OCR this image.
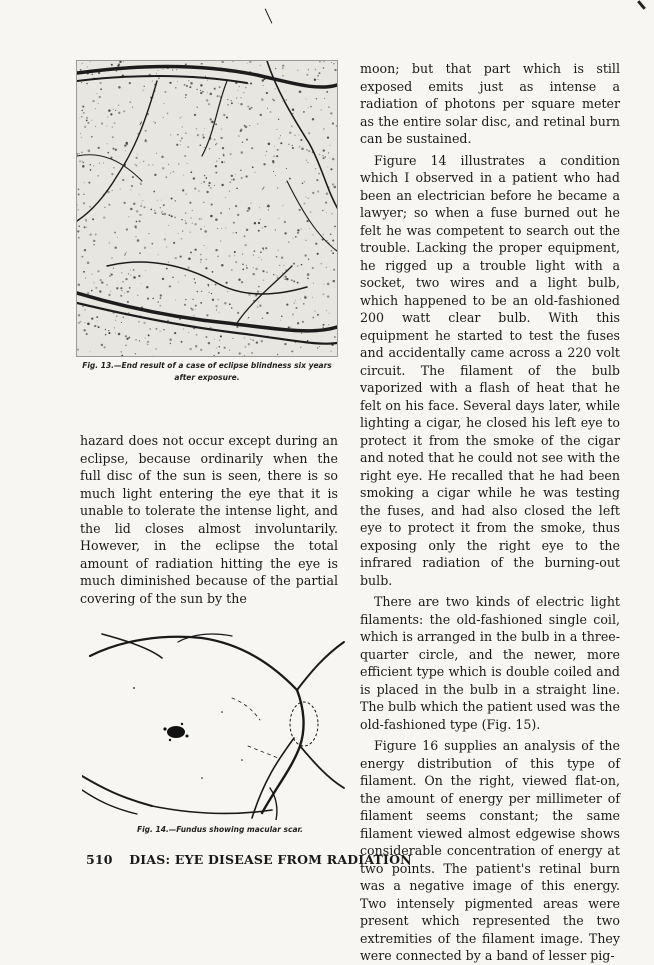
Fig. 13.—End result of a case of eclipse blindness six years after exposure.

hazard does not occur except during an eclipse, because ordinarily when the full disc of the sun is seen, there is so much light entering the eye that it is unable to tolerate the intense light, and the lid closes almost involuntarily. However, in the eclipse the total amount of radiation hitting the eye is much diminished because of the partial covering of the sun by the

Fig. 14.—Fundus showing macular scar.

moon; but that part which is still exposed emits just as intense a radiation of photons per square meter as the entire solar disc, and retinal burn can be sustained.

Figure 14 illustrates a condition which I observed in a patient who had been an electrician before he became a lawyer; so when a fuse burned out he felt he was competent to search out the trouble. Lacking the proper equipment, he rigged up a trouble light with a socket, two wires and a light bulb, which happened to be an old-fashioned 200 watt clear bulb. With this equipment he started to test the fuses and accidentally came across a 220 volt circuit. The filament of the bulb vaporized with a flash of heat that he felt on his face. Several days later, while lighting a cigar, he closed his left eye to protect it from the smoke of the cigar and noted that he could not see with the right eye. He recalled that he had been smoking a cigar while he was testing the fuses, and had also closed the left eye to protect it from the smoke, thus exposing only the right eye to the infrared radiation of the burning-out bulb.

There are two kinds of electric light filaments: the old-fashioned single coil, which is arranged in the bulb in a three-quarter circle, and the newer, more efficient type which is double coiled and is placed in the bulb in a straight line. The bulb which the patient used was the old-fashioned type (Fig. 15).

Figure 16 supplies an analysis of the energy distribution of this type of filament. On the right, viewed flat-on, the amount of energy per millimeter of filament seems constant; the same filament viewed almost edgewise shows considerable concentration of energy at two points. The patient's retinal burn was a negative image of this energy. Two intensely pigmented areas were present which represented the two extremities of the filament image. They were connected by a band of lesser pig-

510 DIAS: EYE DISEASE FROM RADIATION
